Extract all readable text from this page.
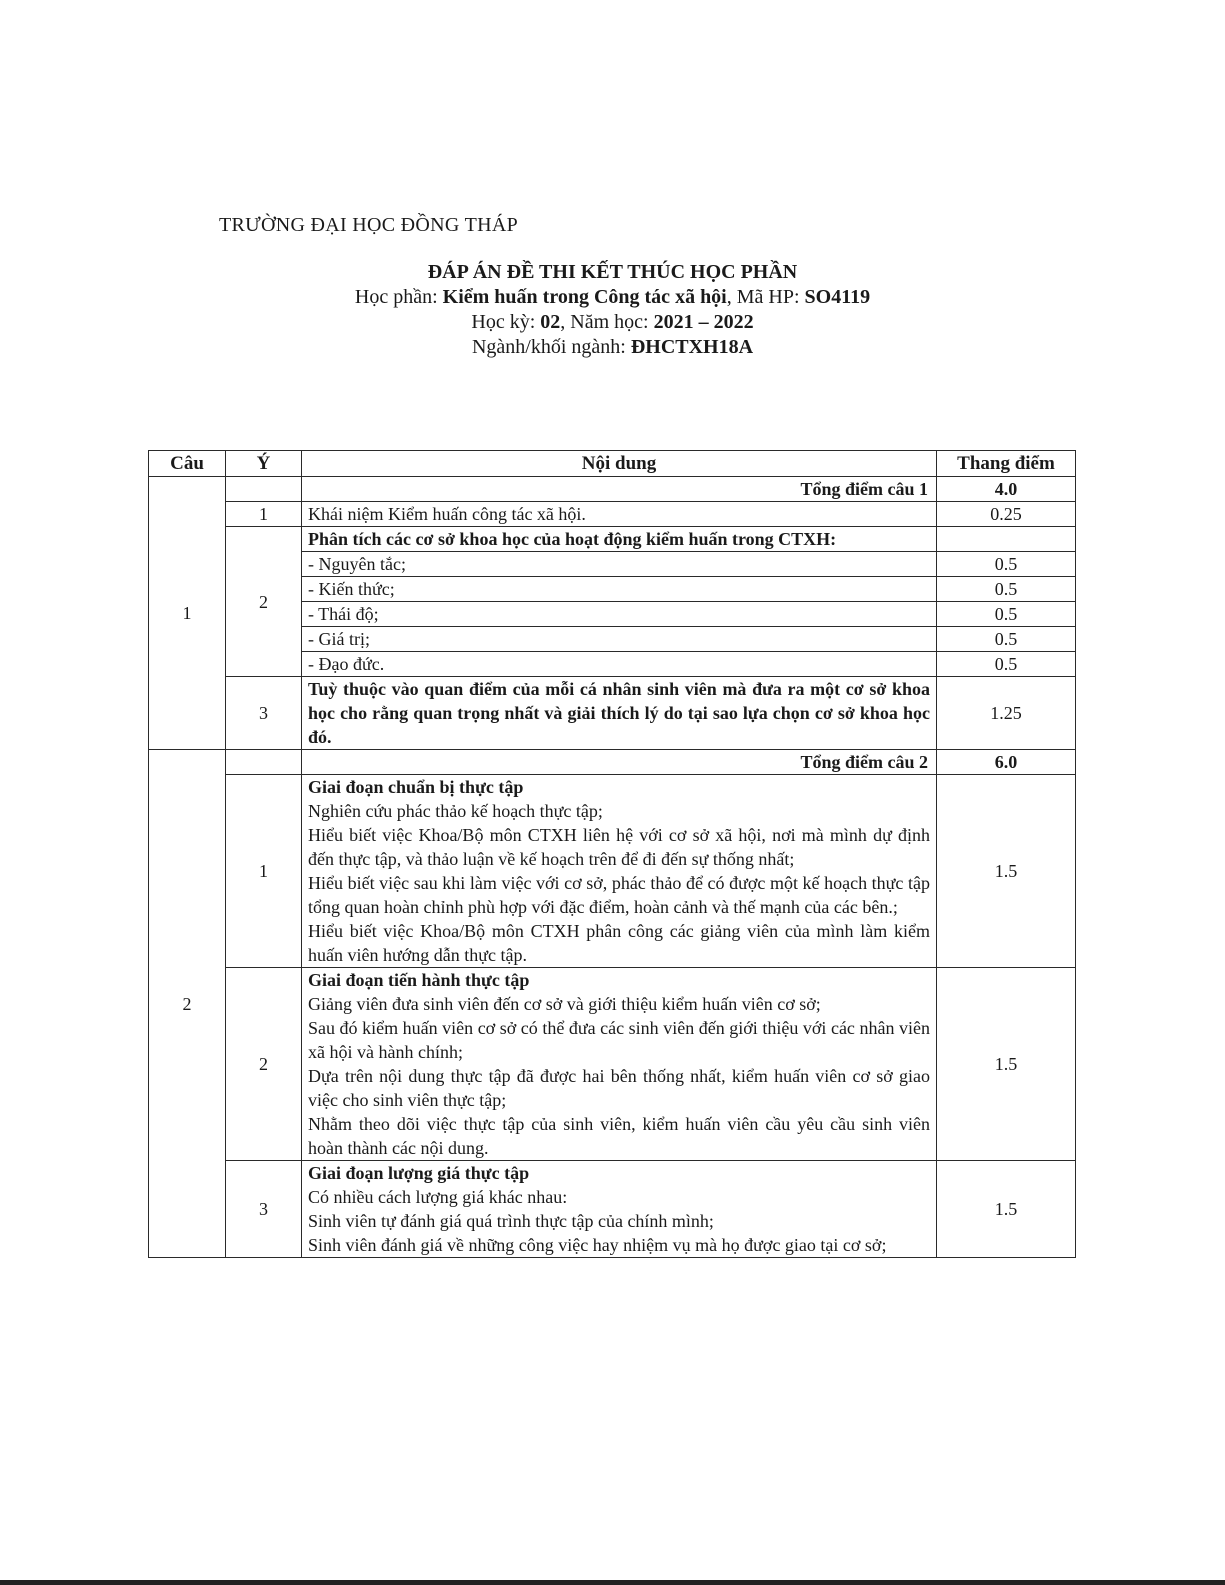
TRƯỜNG ĐẠI HỌC ĐỒNG THÁP
ĐÁP ÁN ĐỀ THI KẾT THÚC HỌC PHẦN
Học phần: Kiểm huấn trong Công tác xã hội, Mã HP: SO4119
Học kỳ: 02, Năm học: 2021 – 2022
Ngành/khối ngành: ĐHCTXH18A
Câu	Ý	Nội dung	Thang điểm
1		Tổng điểm câu 1	4.0
	1	Khái niệm Kiểm huấn công tác xã hội.	0.25
	2	Phân tích các cơ sở khoa học của hoạt động kiểm huấn trong CTXH:	
		- Nguyên tắc;	0.5
		- Kiến thức;	0.5
		- Thái độ;	0.5
		- Giá trị;	0.5
		- Đạo đức.	0.5
	3	Tuỳ thuộc vào quan điểm của mỗi cá nhân sinh viên mà đưa ra một cơ sở khoa học cho rằng quan trọng nhất và giải thích lý do tại sao lựa chọn cơ sở khoa học đó.	1.25
2		Tổng điểm câu 2	6.0
	1	Giai đoạn chuẩn bị thực tập
Nghiên cứu phác thảo kế hoạch thực tập;
Hiểu biết việc Khoa/Bộ môn CTXH liên hệ với cơ sở xã hội, nơi mà mình dự định đến thực tập, và thảo luận về kế hoạch trên để đi đến sự thống nhất;
Hiểu biết việc sau khi làm việc với cơ sở, phác thảo để có được một kế hoạch thực tập tổng quan hoàn chỉnh phù hợp với đặc điểm, hoàn cảnh và thế mạnh của các bên.;
Hiểu biết việc Khoa/Bộ môn CTXH phân công các giảng viên của mình làm kiểm huấn viên hướng dẫn thực tập.	1.5
	2	Giai đoạn tiến hành thực tập
Giảng viên đưa sinh viên đến cơ sở và giới thiệu kiểm huấn viên cơ sở;
Sau đó kiểm huấn viên cơ sở có thể đưa các sinh viên đến giới thiệu với các nhân viên xã hội và hành chính;
Dựa trên nội dung thực tập đã được hai bên thống nhất, kiểm huấn viên cơ sở giao việc cho sinh viên thực tập;
Nhằm theo dõi việc thực tập của sinh viên, kiểm huấn viên cầu yêu cầu sinh viên hoàn thành các nội dung.	1.5
	3	Giai đoạn lượng giá thực tập
Có nhiều cách lượng giá khác nhau:
Sinh viên tự đánh giá quá trình thực tập của chính mình;
Sinh viên đánh giá về những công việc hay nhiệm vụ mà họ được giao tại cơ sở;	1.5
